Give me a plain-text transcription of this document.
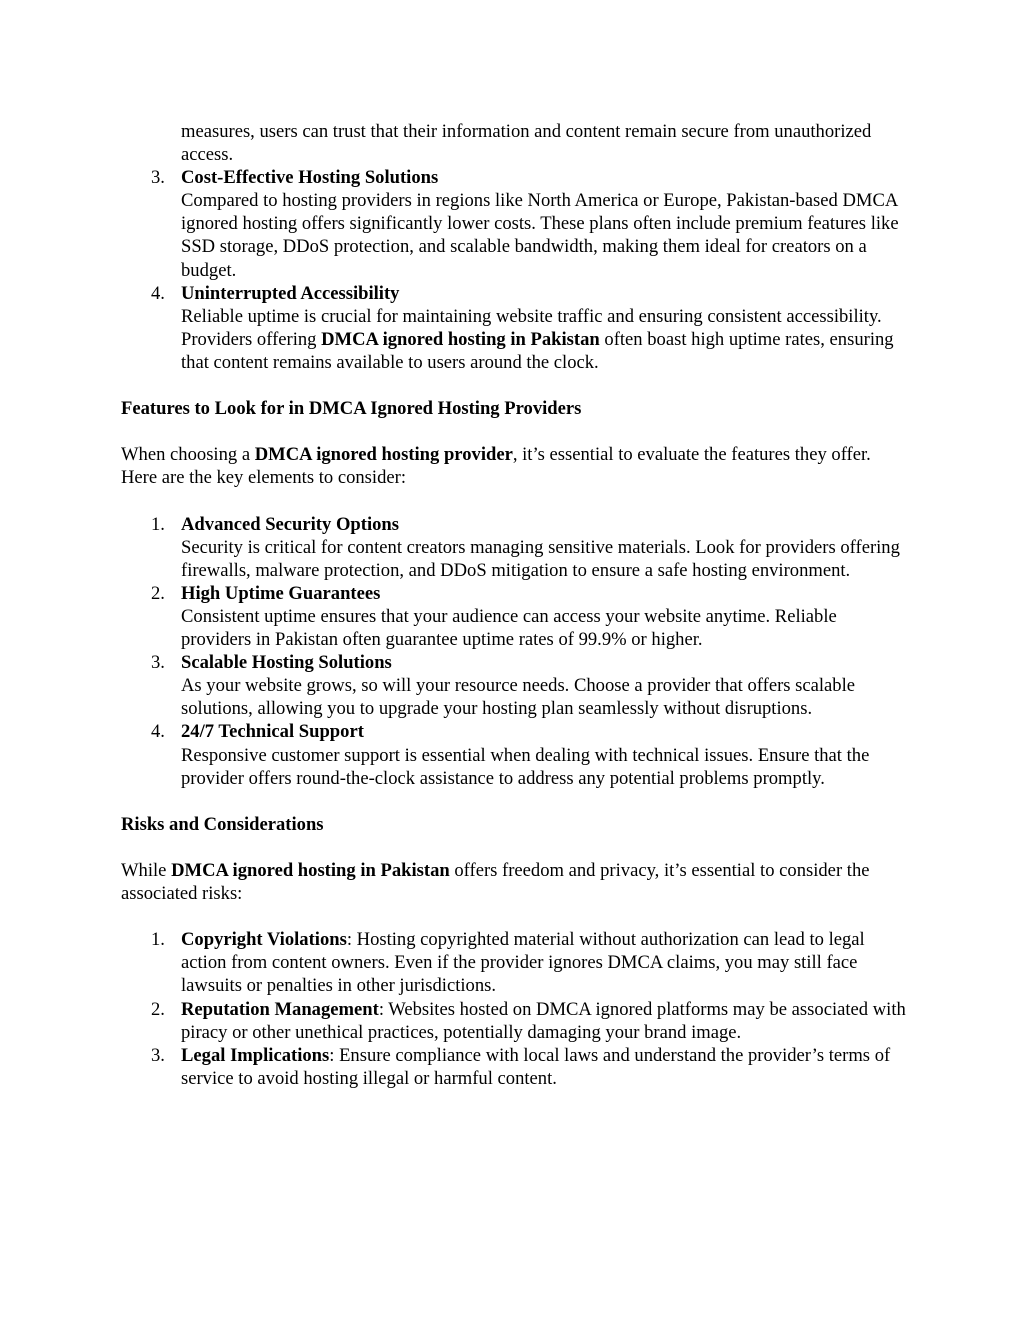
measures, users can trust that their information and content remain secure from unauthorized access.

3. Cost-Effective Hosting Solutions

Compared to hosting providers in regions like North America or Europe, Pakistan-based DMCA ignored hosting offers significantly lower costs. These plans often include premium features like SSD storage, DDoS protection, and scalable bandwidth, making them ideal for creators on a budget.

4. Uninterrupted Accessibility

Reliable uptime is crucial for maintaining website traffic and ensuring consistent accessibility. Providers offering DMCA ignored hosting in Pakistan often boast high uptime rates, ensuring that content remains available to users around the clock.

Features to Look for in DMCA Ignored Hosting Providers

When choosing a DMCA ignored hosting provider, it’s essential to evaluate the features they offer. Here are the key elements to consider:

1. Advanced Security Options

Security is critical for content creators managing sensitive materials. Look for providers offering firewalls, malware protection, and DDoS mitigation to ensure a safe hosting environment.

2. High Uptime Guarantees

Consistent uptime ensures that your audience can access your website anytime. Reliable providers in Pakistan often guarantee uptime rates of 99.9% or higher.

3. Scalable Hosting Solutions

As your website grows, so will your resource needs. Choose a provider that offers scalable solutions, allowing you to upgrade your hosting plan seamlessly without disruptions.

4. 24/7 Technical Support

Responsive customer support is essential when dealing with technical issues. Ensure that the provider offers round-the-clock assistance to address any potential problems promptly.

Risks and Considerations

While DMCA ignored hosting in Pakistan offers freedom and privacy, it’s essential to consider the associated risks:

1. Copyright Violations: Hosting copyrighted material without authorization can lead to legal action from content owners. Even if the provider ignores DMCA claims, you may still face lawsuits or penalties in other jurisdictions.

2. Reputation Management: Websites hosted on DMCA ignored platforms may be associated with piracy or other unethical practices, potentially damaging your brand image.

3. Legal Implications: Ensure compliance with local laws and understand the provider’s terms of service to avoid hosting illegal or harmful content.
